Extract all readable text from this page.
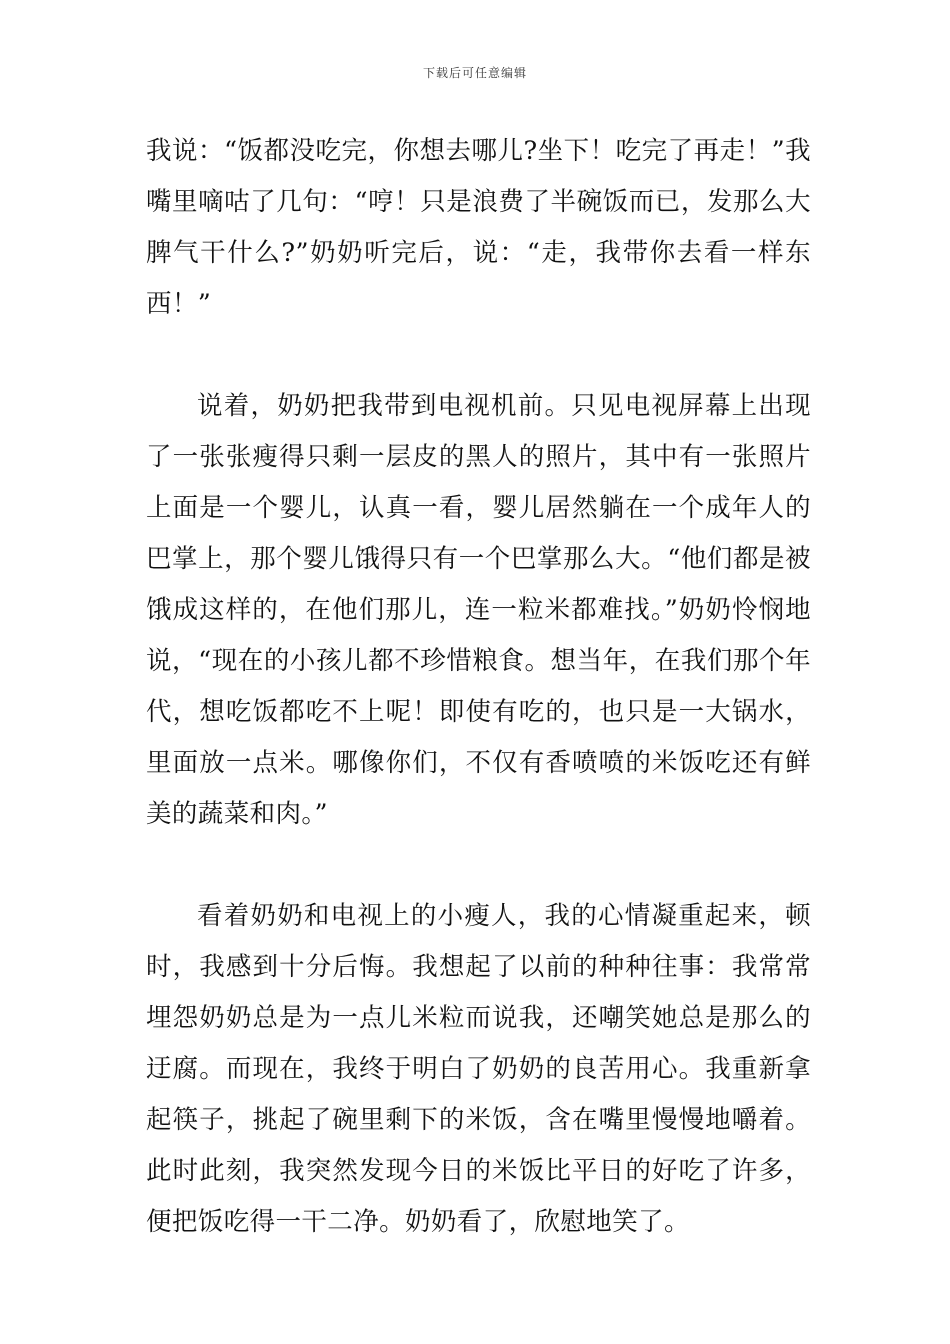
下载后可任意编辑

我说：“饭都没吃完，你想去哪儿?坐下！吃完了再走！”我嘴里嘀咕了几句：“哼！只是浪费了半碗饭而已，发那么大脾气干什么?”奶奶听完后，说：“走，我带你去看一样东西！”

说着，奶奶把我带到电视机前。只见电视屏幕上出现了一张张瘦得只剩一层皮的黑人的照片，其中有一张照片上面是一个婴儿，认真一看，婴儿居然躺在一个成年人的巴掌上，那个婴儿饿得只有一个巴掌那么大。“他们都是被饿成这样的，在他们那儿，连一粒米都难找。”奶奶怜悯地说，“现在的小孩儿都不珍惜粮食。想当年，在我们那个年代，想吃饭都吃不上呢！即使有吃的，也只是一大锅水，里面放一点米。哪像你们，不仅有香喷喷的米饭吃还有鲜美的蔬菜和肉。”

看着奶奶和电视上的小瘦人，我的心情凝重起来，顿时，我感到十分后悔。我想起了以前的种种往事：我常常埋怨奶奶总是为一点儿米粒而说我，还嘲笑她总是那么的迂腐。而现在，我终于明白了奶奶的良苦用心。我重新拿起筷子，挑起了碗里剩下的米饭，含在嘴里慢慢地嚼着。此时此刻，我突然发现今日的米饭比平日的好吃了许多，便把饭吃得一干二净。奶奶看了，欣慰地笑了。
